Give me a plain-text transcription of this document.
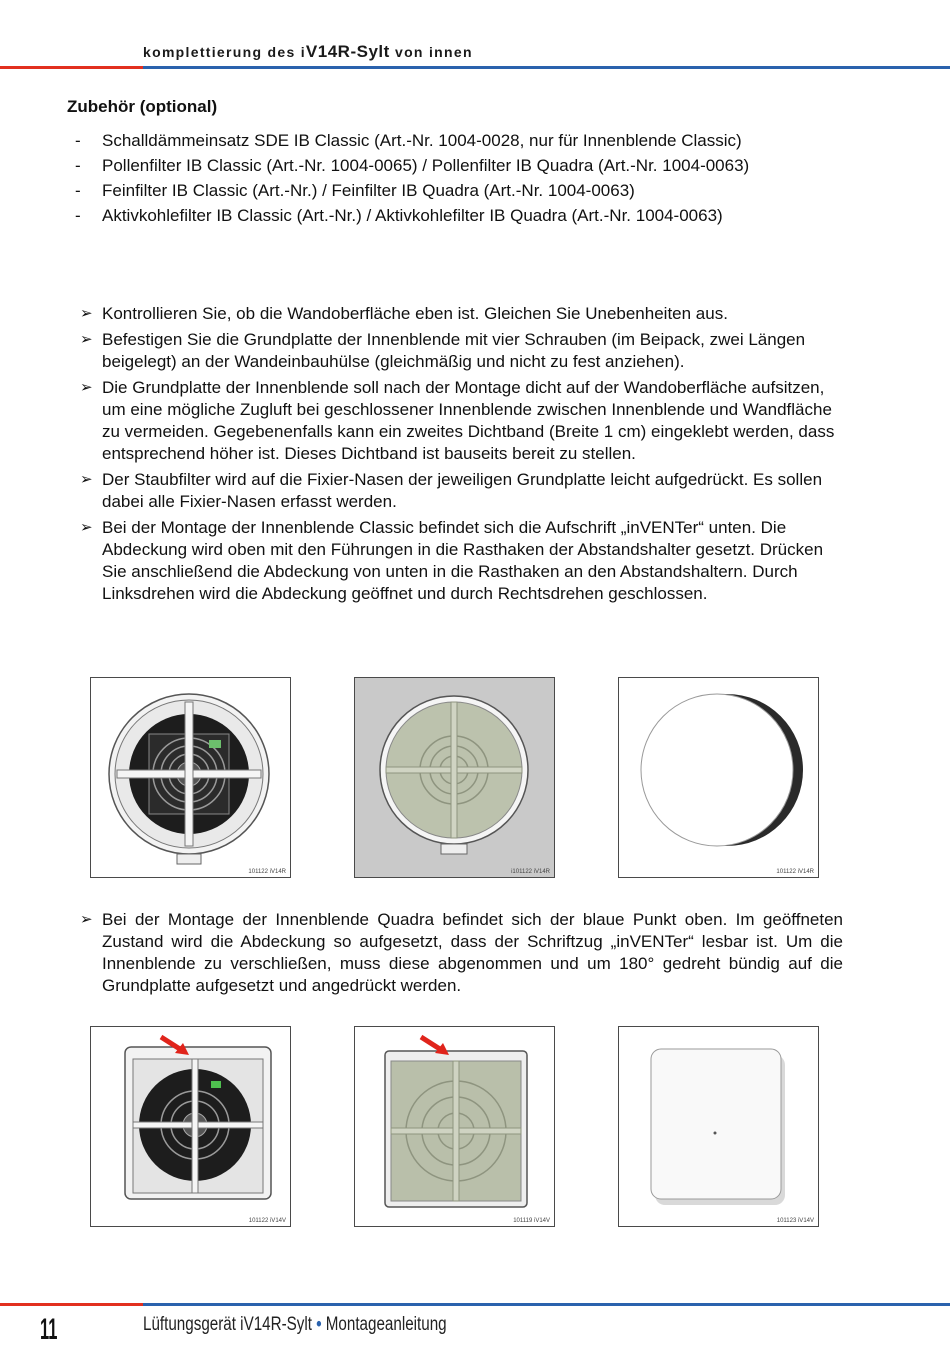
komplettierung des iV14R-Sylt von innen
Zubehör (optional)
- Schalldämmeinsatz SDE IB Classic (Art.-Nr. 1004-0028, nur für Innenblende Classic)
- Pollenfilter IB Classic (Art.-Nr. 1004-0065) / Pollenfilter IB Quadra (Art.-Nr. 1004-0063)
- Feinfilter IB Classic (Art.-Nr.) / Feinfilter IB Quadra (Art.-Nr. 1004-0063)
- Aktivkohlefilter IB Classic (Art.-Nr.) / Aktivkohlefilter IB Quadra (Art.-Nr. 1004-0063)
➢ Kontrollieren Sie, ob die Wandoberfläche eben ist. Gleichen Sie Unebenheiten aus.
➢ Befestigen Sie die Grundplatte der Innenblende mit vier Schrauben (im Beipack, zwei Längen beigelegt) an der Wandeinbauhülse (gleichmäßig und nicht zu fest anziehen).
➢ Die Grundplatte der Innenblende soll nach der Montage dicht auf der Wandoberfläche aufsitzen, um eine mögliche Zugluft bei geschlossener Innenblende zwischen Innenblende und Wandfläche zu vermeiden. Gegebenenfalls kann ein zweites Dichtband (Breite 1 cm) eingeklebt werden, dass entsprechend höher ist. Dieses Dichtband ist bauseits bereit zu stellen.
➢ Der Staubfilter wird auf die Fixier-Nasen der jeweiligen Grundplatte leicht aufgedrückt. Es sollen dabei alle Fixier-Nasen erfasst werden.
➢ Bei der Montage der Innenblende Classic befindet sich die Aufschrift „inVENTer“ unten. Die Abdeckung wird oben mit den Führungen in die Rasthaken der Abstandshalter gesetzt. Drücken Sie anschließend die Abdeckung von unten in die Rasthaken an den Abstandshaltern. Durch Linksdrehen wird die Abdeckung geöffnet und durch Rechtsdrehen geschlossen.
101122 iV14R	i101122 iV14R	101122 iV14R
➢ Bei der Montage der Innenblende Quadra befindet sich der blaue Punkt oben. Im geöffneten Zustand wird die Abdeckung so aufgesetzt, dass der Schriftzug „inVENTer“ lesbar ist. Um die Innenblende zu verschließen, muss diese abgenommen und um 180° gedreht bündig auf die Grundplatte aufgesetzt und angedrückt werden.
101122 iV14V	101119 iV14V	101123 iV14V
11	Lüftungsgerät iV14R-Sylt • Montageanleitung
